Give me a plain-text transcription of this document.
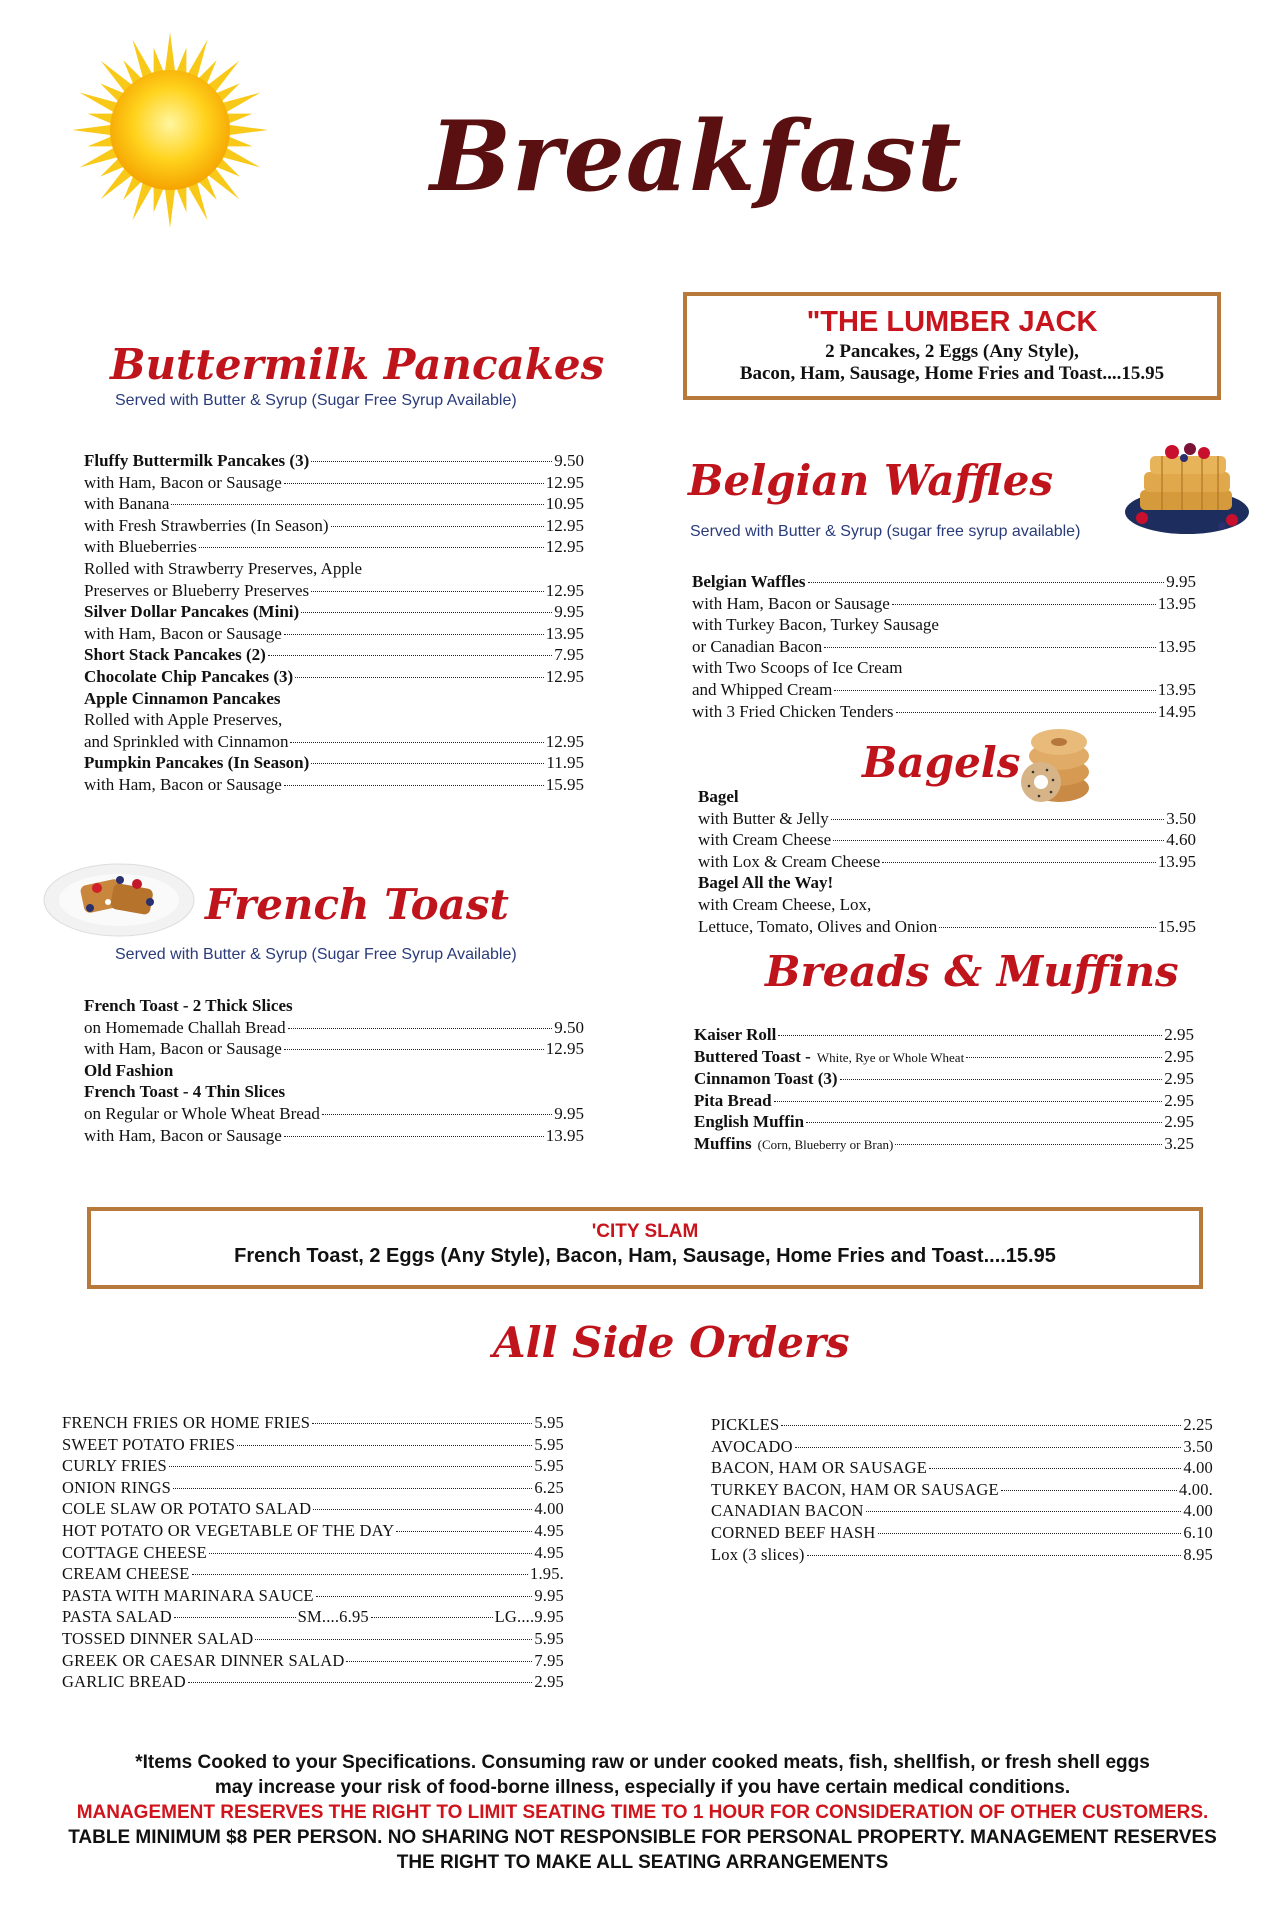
Breakfast
Buttermilk Pancakes
Served with Butter & Syrup (Sugar Free Syrup Available)
Fluffy Buttermilk Pancakes (3)	9.50
with Ham, Bacon or Sausage	12.95
with Banana	10.95
with Fresh Strawberries (In Season)	12.95
with Blueberries	12.95
Rolled with Strawberry Preserves, Apple
Preserves or Blueberry Preserves	12.95
Silver Dollar Pancakes (Mini)	9.95
with Ham, Bacon or Sausage	13.95
Short Stack Pancakes (2)	7.95
Chocolate Chip Pancakes (3)	12.95
Apple Cinnamon Pancakes
Rolled with Apple Preserves,
and Sprinkled with Cinnamon	12.95
Pumpkin Pancakes (In Season)	11.95
with Ham, Bacon or Sausage	15.95
French Toast
Served with Butter & Syrup (Sugar Free Syrup Available)
French Toast - 2 Thick Slices
on Homemade Challah Bread	9.50
with Ham, Bacon or Sausage	12.95
Old Fashion
French Toast - 4 Thin Slices
on Regular or Whole Wheat Bread	9.95
with Ham, Bacon or Sausage	13.95
"THE LUMBER JACK
2 Pancakes, 2 Eggs (Any Style),
Bacon, Ham, Sausage, Home Fries and Toast....15.95
Belgian Waffles
Served with Butter & Syrup (sugar free syrup available)
Belgian Waffles	9.95
with Ham, Bacon or Sausage	13.95
with Turkey Bacon, Turkey Sausage
or Canadian Bacon	13.95
with Two Scoops of Ice Cream
and Whipped Cream	13.95
with 3 Fried Chicken Tenders	14.95
Bagels
Bagel
with Butter & Jelly	3.50
with Cream Cheese	4.60
with Lox & Cream Cheese	13.95
Bagel All the Way!
with Cream Cheese, Lox,
Lettuce, Tomato, Olives and Onion	15.95
Breads & Muffins
Kaiser Roll	2.95
Buttered Toast - White, Rye or Whole Wheat	2.95
Cinnamon Toast (3)	2.95
Pita Bread	2.95
English Muffin	2.95
Muffins (Corn, Blueberry or Bran)	3.25
'CITY SLAM
French Toast, 2 Eggs (Any Style), Bacon, Ham, Sausage, Home Fries and Toast....15.95
All Side Orders
FRENCH FRIES OR HOME FRIES	5.95
SWEET POTATO FRIES	5.95
CURLY FRIES	5.95
ONION RINGS	6.25
COLE SLAW OR POTATO SALAD	4.00
HOT POTATO OR VEGETABLE OF THE DAY	4.95
COTTAGE CHEESE	4.95
CREAM CHEESE	1.95.
PASTA WITH MARINARA SAUCE	9.95
PASTA SALAD	SM....6.95	LG....9.95
TOSSED DINNER SALAD	5.95
GREEK OR CAESAR DINNER SALAD	7.95
GARLIC BREAD	2.95
PICKLES	2.25
AVOCADO	3.50
BACON, HAM OR SAUSAGE	4.00
TURKEY BACON, HAM OR SAUSAGE	4.00.
CANADIAN BACON	4.00
CORNED BEEF HASH	6.10
Lox (3 slices)	8.95
*Items Cooked to your Specifications. Consuming raw or under cooked meats, fish, shellfish, or fresh shell eggs
may increase your risk of food-borne illness, especially if you have certain medical conditions.
MANAGEMENT RESERVES THE RIGHT TO LIMIT SEATING TIME TO 1 HOUR FOR CONSIDERATION OF OTHER CUSTOMERS.
TABLE MINIMUM $8 PER PERSON. NO SHARING NOT RESPONSIBLE FOR PERSONAL PROPERTY. MANAGEMENT RESERVES
THE RIGHT TO MAKE ALL SEATING ARRANGEMENTS
